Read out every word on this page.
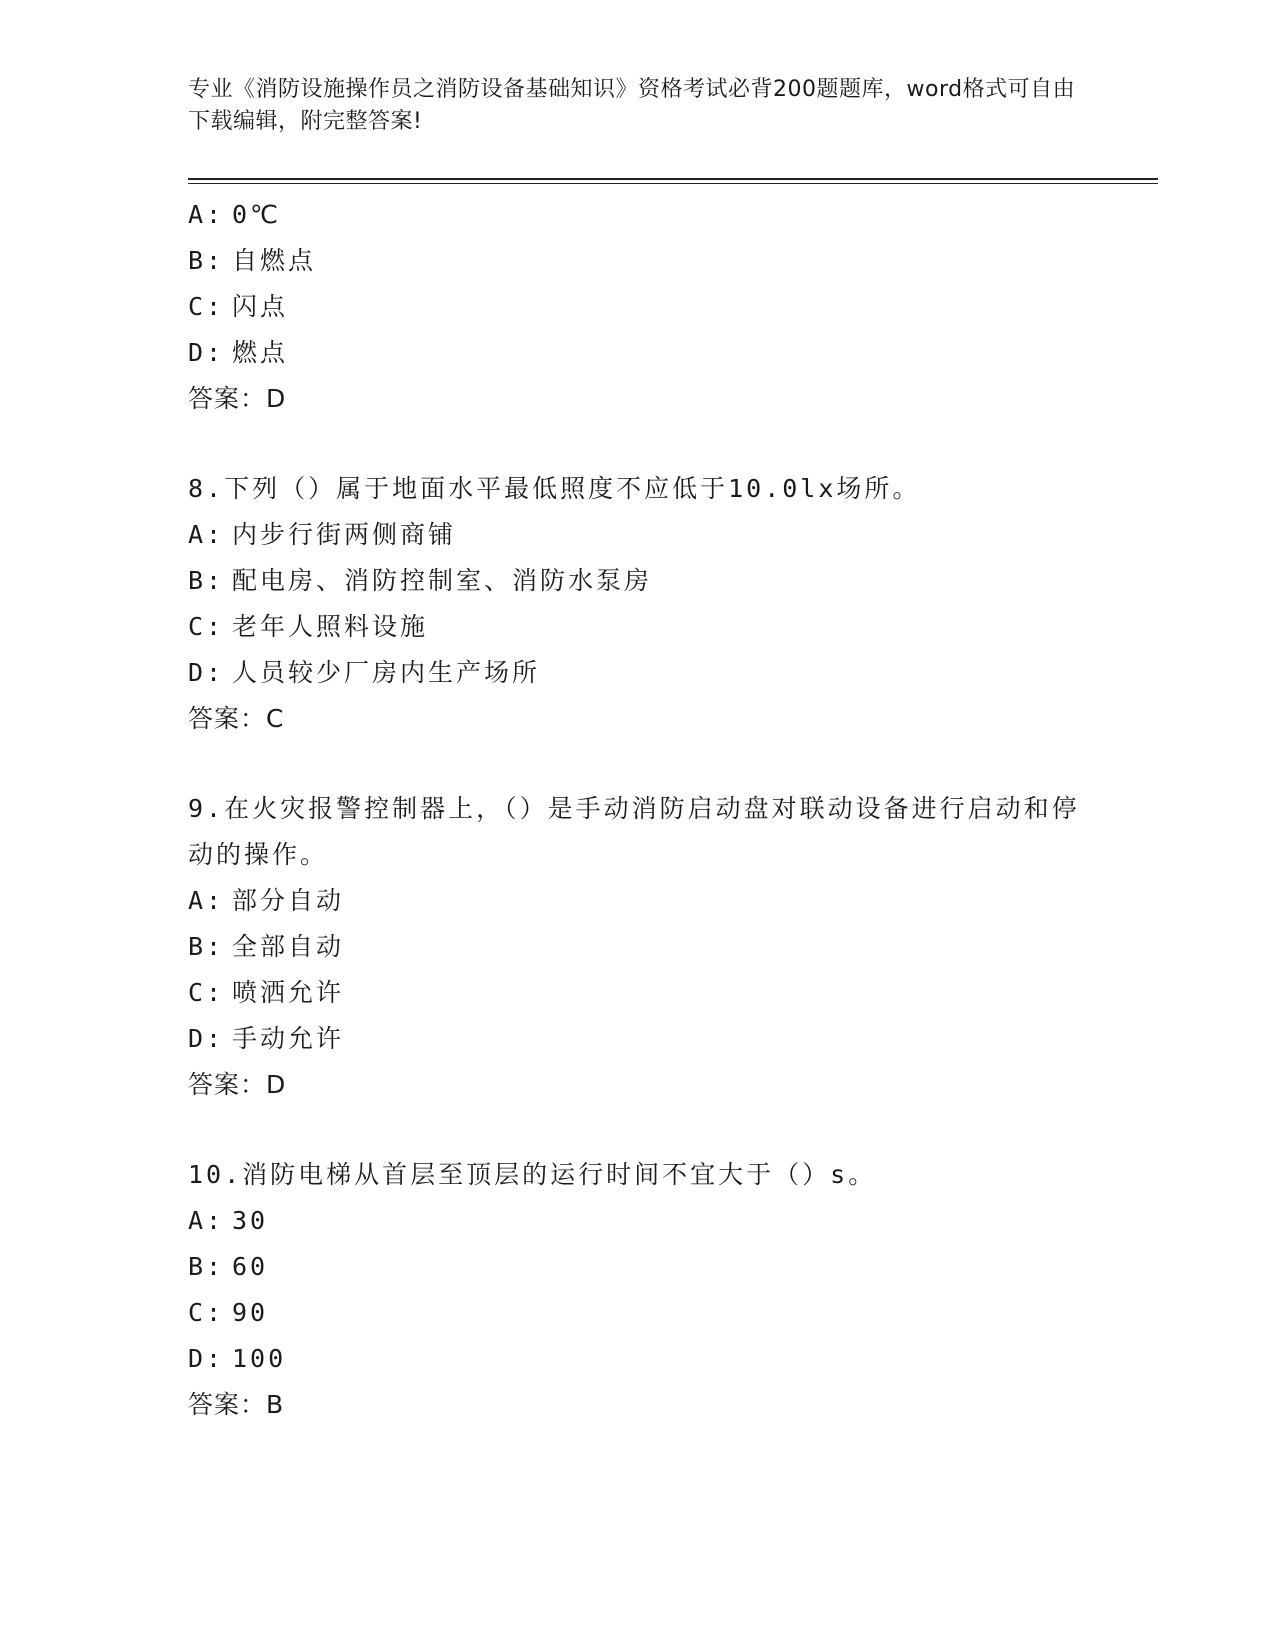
专业《消防设施操作员之消防设备基础知识》资格考试必背200题题库，word格式可自由下载编辑，附完整答案!
A: 0℃
B: 自燃点
C: 闪点
D: 燃点
答案：D
8.下列（）属于地面水平最低照度不应低于10.0lx场所。
A: 内步行街两侧商铺
B: 配电房、消防控制室、消防水泵房
C: 老年人照料设施
D: 人员较少厂房内生产场所
答案：C
9.在火灾报警控制器上，（）是手动消防启动盘对联动设备进行启动和停动的操作。
A: 部分自动
B: 全部自动
C: 喷洒允许
D: 手动允许
答案：D
10.消防电梯从首层至顶层的运行时间不宜大于（）s。
A: 30
B: 60
C: 90
D: 100
答案：B
